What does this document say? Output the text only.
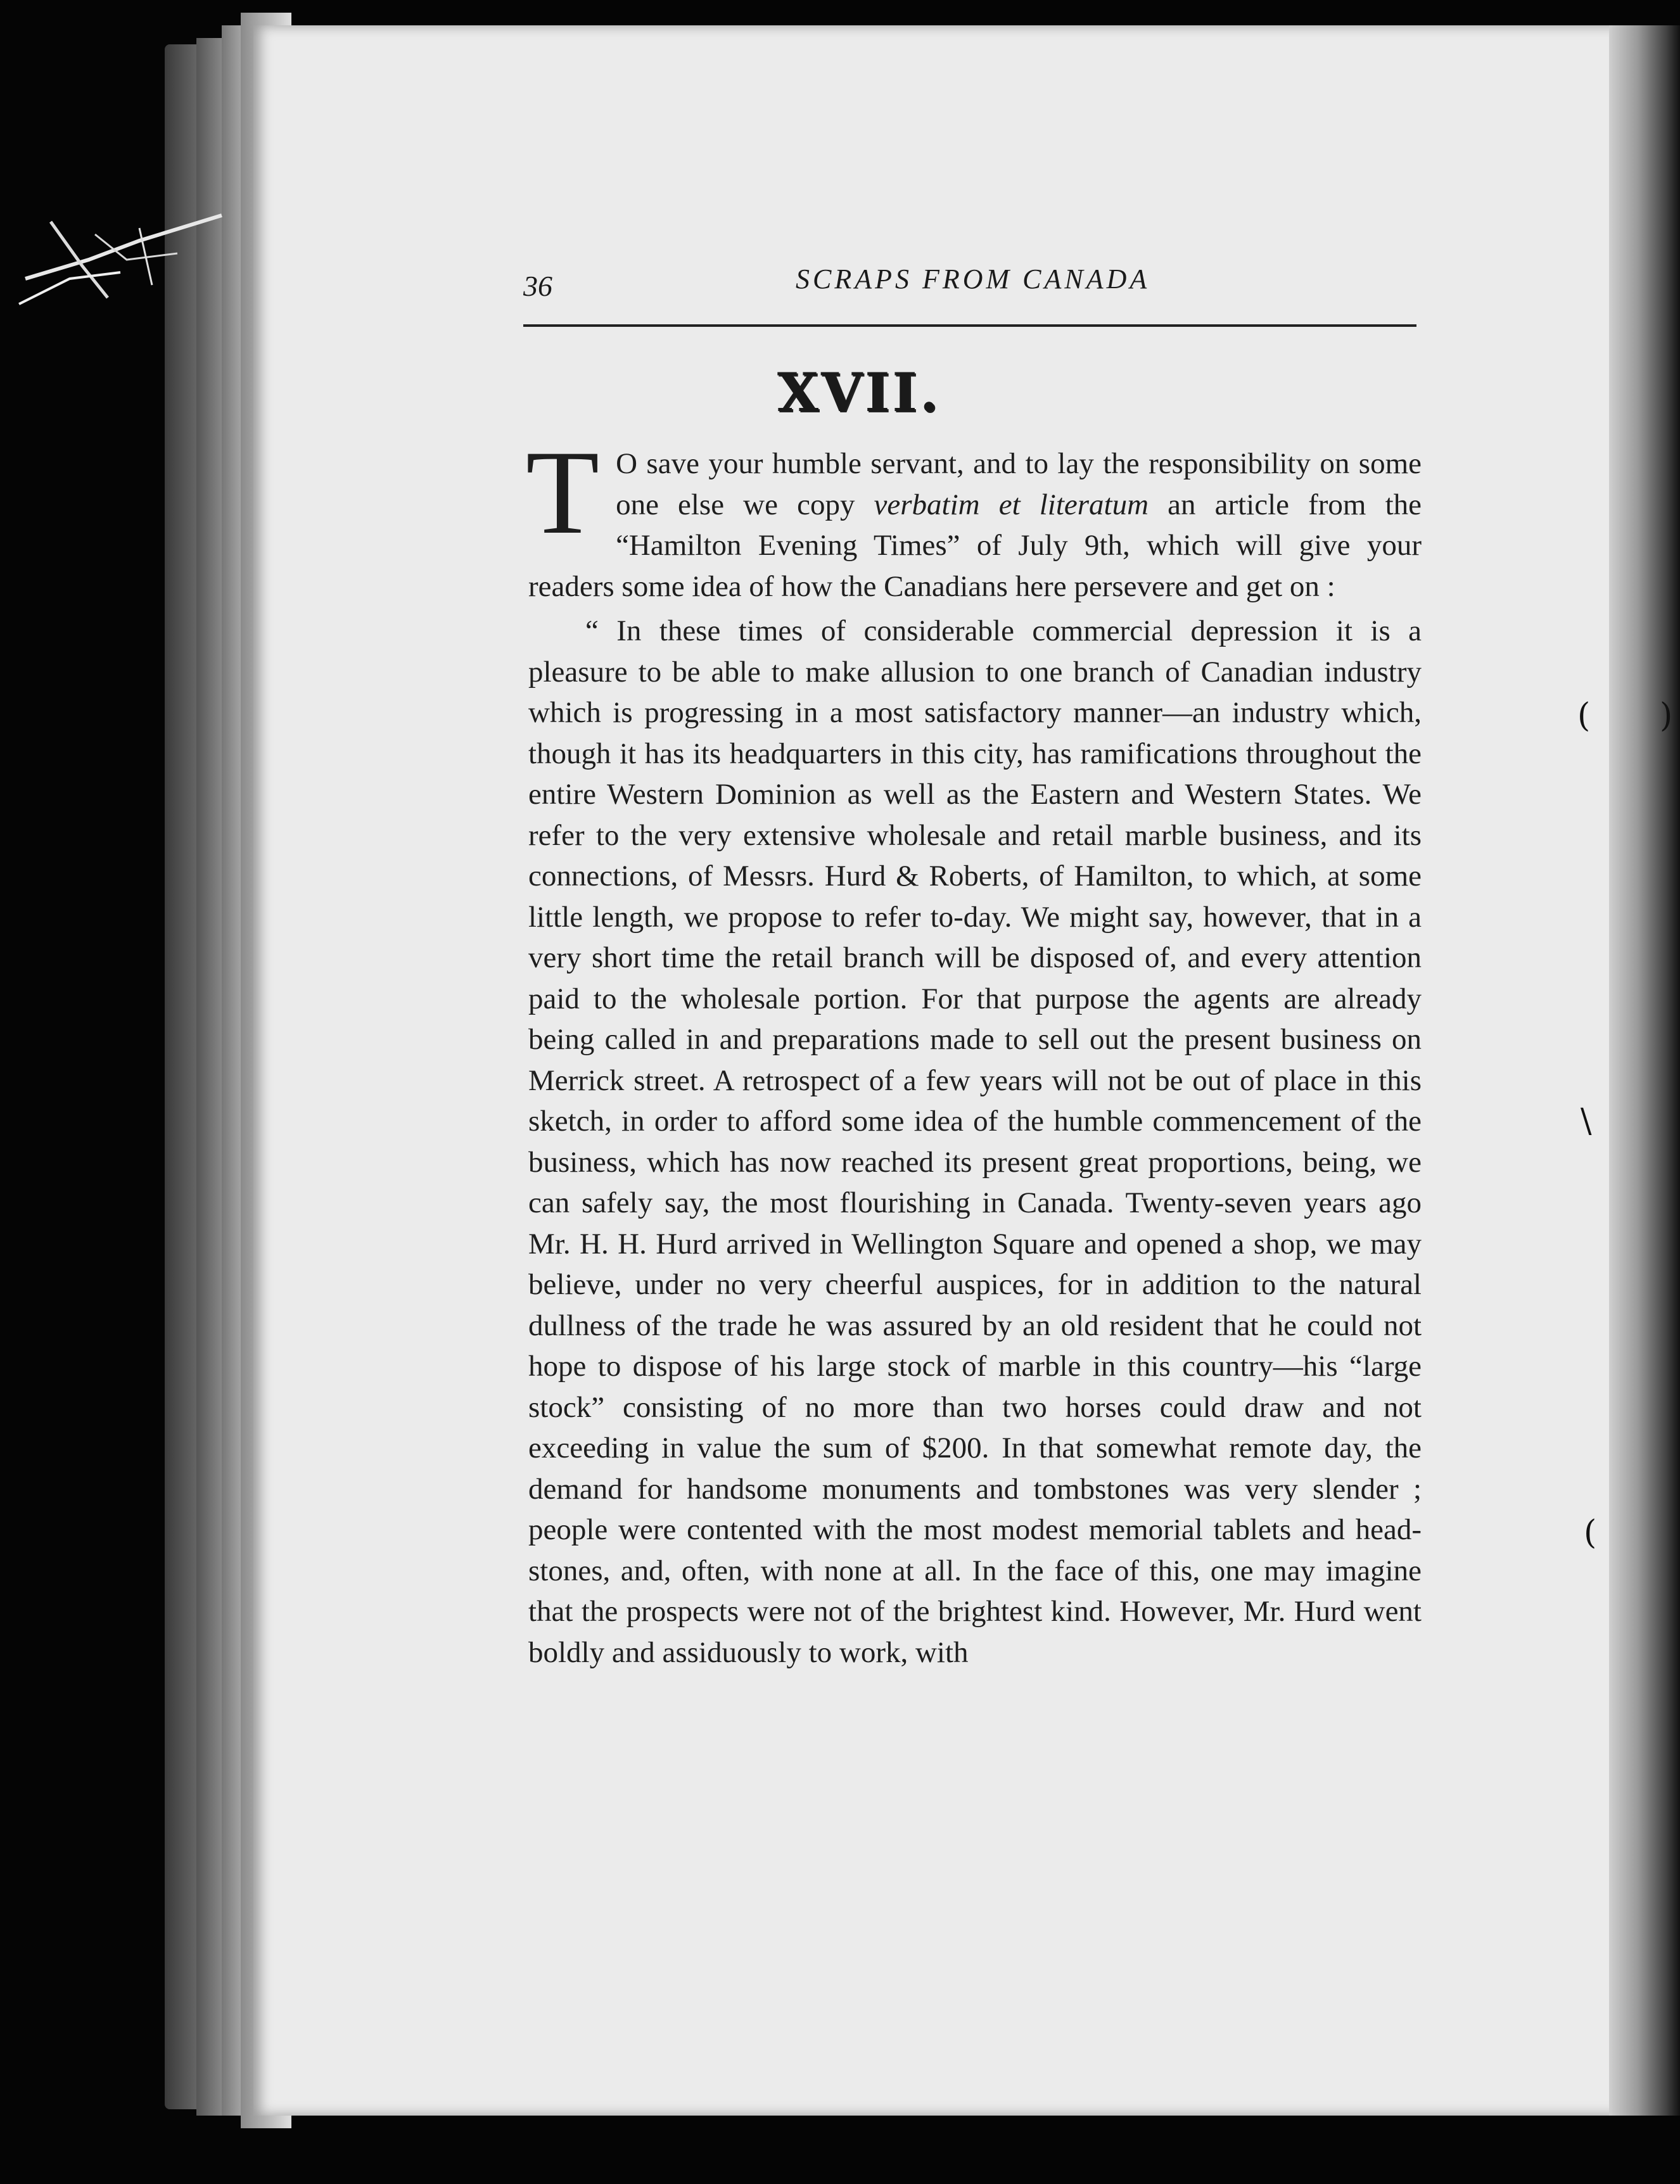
36	SCRAPS FROM CANADA
XVII.

T O save your humble servant, and to lay the responsibility on some one else we copy verbatim et literatum an article from the “Hamilton Evening Times” of July 9th, which will give your readers some idea of how the Canadians here persevere and get on :

“ In these times of considerable commercial depression it is a pleasure to be able to make allusion to one branch of Canadian industry which is progressing in a most satisfactory manner—an industry which, though it has its headquarters in this city, has ramifications throughout the entire Western Dominion as well as the Eastern and Western States. We refer to the very extensive wholesale and retail marble business, and its connections, of Messrs. Hurd & Roberts, of Hamilton, to which, at some little length, we propose to refer to-day. We might say, however, that in a very short time the retail branch will be disposed of, and every attention paid to the wholesale portion. For that purpose the agents are already being called in and preparations made to sell out the present business on Merrick street. A retrospect of a few years will not be out of place in this sketch, in order to afford some idea of the humble commencement of the business, which has now reached its present great proportions, being, we can safely say, the most flourishing in Canada. Twenty-seven years ago Mr. H. H. Hurd arrived in Wellington Square and opened a shop, we may believe, under no very cheerful auspices, for in addition to the natural dullness of the trade he was assured by an old resident that he could not hope to dispose of his large stock of marble in this country—his “large stock” consisting of no more than two horses could draw and not exceeding in value the sum of $200. In that somewhat remote day, the demand for handsome monuments and tombstones was very slender ; people were contented with the most modest memorial tablets and head-stones, and, often, with none at all. In the face of this, one may imagine that the prospects were not of the brightest kind. However, Mr. Hurd went boldly and assiduously to work, with

( )
\
(
